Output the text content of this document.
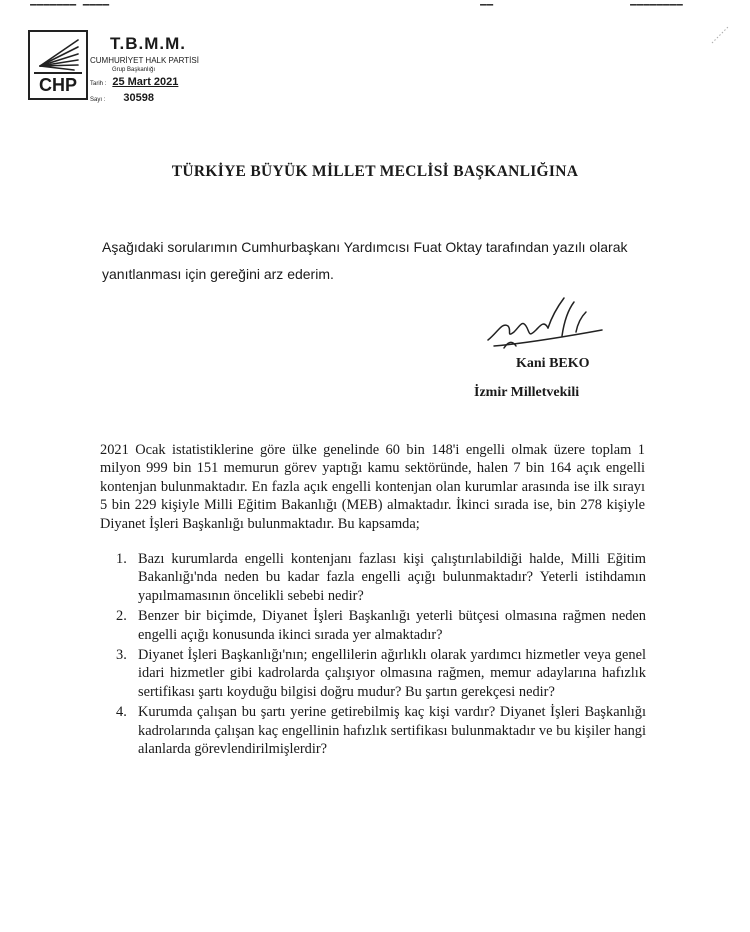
▬▬▬▬▬▬▬ ▬▬▬▬	▬▬	▬▬▬▬▬▬▬▬
CHP
T.B.M.M.
CUMHURİYET HALK PARTİSİ
Grup Başkanlığı
Tarih : 25 Mart 2021
Sayı : 30598
TÜRKİYE BÜYÜK MİLLET MECLİSİ BAŞKANLIĞINA
Aşağıdaki sorularımın Cumhurbaşkanı Yardımcısı Fuat Oktay tarafından yazılı olarak
yanıtlanması için gereğini arz ederim.
Kani BEKO
İzmir Milletvekili
2021 Ocak istatistiklerine göre ülke genelinde 60 bin 148'i engelli olmak üzere toplam 1 milyon 999 bin 151 memurun görev yaptığı kamu sektöründe, halen 7 bin 164 açık engelli kontenjan bulunmaktadır. En fazla açık engelli kontenjan olan kurumlar arasında ise ilk sırayı 5 bin 229 kişiyle Milli Eğitim Bakanlığı (MEB) almaktadır. İkinci sırada ise, bin 278 kişiyle Diyanet İşleri Başkanlığı bulunmaktadır. Bu kapsamda;
1. Bazı kurumlarda engelli kontenjanı fazlası kişi çalıştırılabildiği halde, Milli Eğitim Bakanlığı'nda neden bu kadar fazla engelli açığı bulunmaktadır? Yeterli istihdamın yapılmamasının öncelikli sebebi nedir?
2. Benzer bir biçimde, Diyanet İşleri Başkanlığı yeterli bütçesi olmasına rağmen neden engelli açığı konusunda ikinci sırada yer almaktadır?
3. Diyanet İşleri Başkanlığı'nın; engellilerin ağırlıklı olarak yardımcı hizmetler veya genel idari hizmetler gibi kadrolarda çalışıyor olmasına rağmen, memur adaylarına hafızlık sertifikası şartı koyduğu bilgisi doğru mudur? Bu şartın gerekçesi nedir?
4. Kurumda çalışan bu şartı yerine getirebilmiş kaç kişi vardır? Diyanet İşleri Başkanlığı kadrolarında çalışan kaç engellinin hafızlık sertifikası bulunmaktadır ve bu kişiler hangi alanlarda görevlendirilmişlerdir?
